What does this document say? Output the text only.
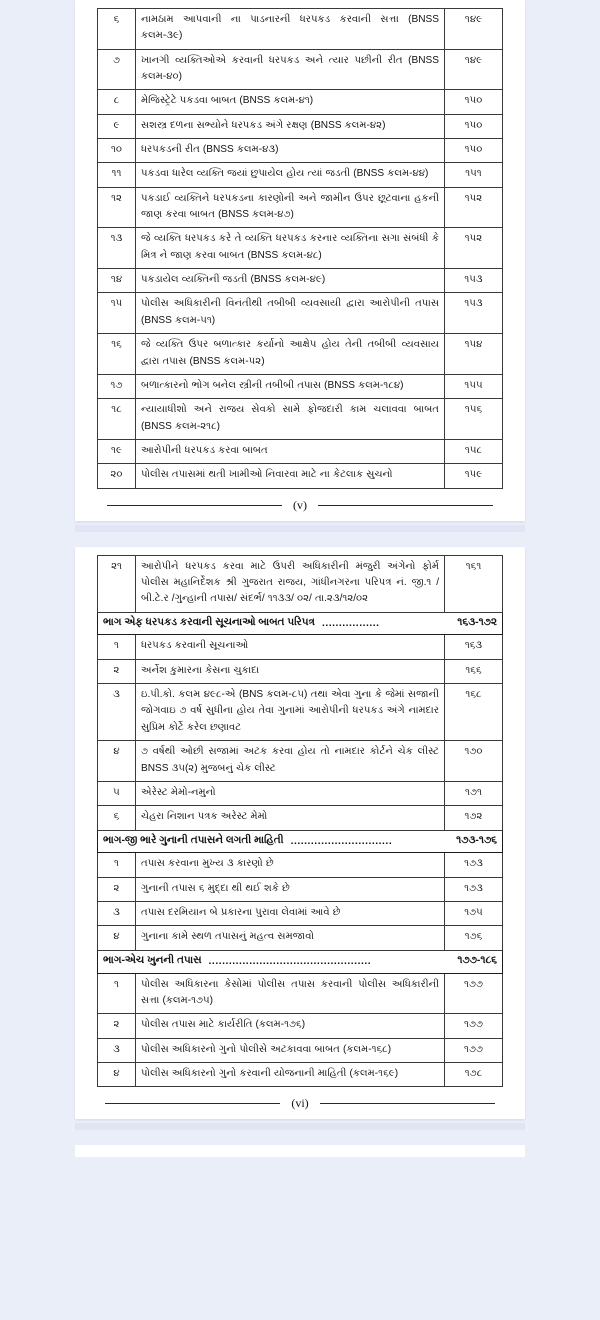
૬	નામઠામ આપવાની ના પાડનારની ધરપકડ કરવાની સત્તા (BNSS કલમ-૩૯)	૧૪૯
૭	ખાનગી વ્યક્તિઓએ કરવાની ધરપકડ અને ત્યાર પછીની રીત (BNSS કલમ-૪૦)	૧૪૯
૮	મેજિસ્ટ્રેટે પકડવા બાબત (BNSS કલમ-૪૧)	૧૫૦
૯	સશસ્ત્ર દળના સભ્યોને ધરપકડ અંગે રક્ષણ (BNSS કલમ-૪૨)	૧૫૦
૧૦	ધરપકડની રીત (BNSS કલમ-૪૩)	૧૫૦
૧૧	પકડવા ધારેલ વ્યક્તિ જયાં છુપાયેલ હોય ત્યાં જડતી (BNSS કલમ-૪૪)	૧૫૧
૧૨	પકડાઈ વ્યક્તિને ધરપકડના કારણોની અને જામીન ઉપર છૂટવાના હકની જાણ કરવા બાબત (BNSS કલમ-૪૭)	૧૫૨
૧૩	જે વ્યક્તિ ધરપકડ કરે તે વ્યક્તિ ધરપકડ કરનાર વ્યક્તિના સગા સંબંધી કે મિત્ર ને જાણ કરવા બાબત (BNSS કલમ-૪૮)	૧૫૨
૧૪	પકડાયેલ વ્યક્તિની જડતી (BNSS કલમ-૪૯)	૧૫૩
૧૫	પોલીસ અધિકારીની વિનંતીથી તબીબી વ્યવસાયી દ્વારા આરોપીની તપાસ (BNSS કલમ-૫૧)	૧૫૩
૧૬	જે વ્યક્તિ ઉપર બળાત્કાર કર્યાનો આક્ષેપ હોય તેની તબીબી વ્યવસાય દ્વારા તપાસ (BNSS કલમ-૫૨)	૧૫૪
૧૭	બળાત્કારનો ભોગ બનેલ સ્ત્રીની તબીબી તપાસ (BNSS કલમ-૧૮૪)	૧૫૫
૧૮	ન્યાયાધીશો અને રાજય સેવકો સામે ફોજદારી કામ ચલાવવા બાબત (BNSS કલમ-૨૧૮)	૧૫૬
૧૯	આરોપીની ધરપકડ કરવા બાબત	૧૫૮
૨૦	પોલીસ તપાસમાં થતી ખામીઓ નિવારવા માટે ના કેટલાક સુચનો	૧૫૯
(v)
૨૧	આરોપીને ધરપકડ કરવા માટે ઉપરી અધિકારીની મંજુરી અંગેનો ફોર્મ પોલીસ મહાનિર્દેશક શ્રી ગુજરાત રાજય, ગાંધીનગરના પરિપત્ર નં. જી.૧ / બી.ટે.ર /ગુન્હાની તપાસ/ સંદર્ભ/ ૧૧૩૩/ ૦૨/ તા.૨૩/૧૨/૦૨	૧૬૧

ભાગ એફ ધરપકડ કરવાની સૂચનાઓ બાબત પરિપત્ર ................. ૧૬૩-૧૭૨		

૧	ધરપકડ કરવાની સૂચનાઓ	૧૬૩
૨	અર્નેશ કુમારના કેસના ચુકાદા	૧૬૬
૩	ઇ.પી.કો. કલમ ૪૯૮-એ (BNS કલમ-૮૫) તથા એવા ગુના કે જેમાં સજાની જોગવાઇ ૭ વર્ષ સુધીના હોય તેવા ગુનામાં આરોપીની ધરપકડ અંગે નામદાર સુપ્રિમ કોર્ટે કરેલ છણાવટ	૧૬૮
૪	૭ વર્ષથી ઓછી સજામાં અટક કરવા હોય તો નામદાર કોર્ટને ચેક લીસ્ટ BNSS ૩૫(૨) મુજબનું ચેક લીસ્ટ	૧૭૦
૫	એરેસ્ટ મેમો-નમુનો	૧૭૧
૬	ચેહરા નિશાન પત્રક અરેસ્ટ મેમો	૧૭૨

ભાગ-જી ભારે ગુનાની તપાસને લગતી માહિતી .............................. ૧૭૩-૧૭૬		

૧	તપાસ કરવાના મુખ્ય ૩ કારણો છે	૧૭૩
૨	ગુનાની તપાસ ૬ મુદ્દા થી થઈ શકે છે	૧૭૩
૩	તપાસ દરમિયાન બે પ્રકારના પુરાવા લેવામાં આવે છે	૧૭૫
૪	ગુનાના કામે સ્થળ તપાસનું મહત્વ સમજાવો	૧૭૬

ભાગ-એચ ખુનની તપાસ ................................................ ૧૭૭-૧૮૬		

૧	પોલીસ અધિકારના કેસોમાં પોલીસ તપાસ કરવાની પોલીસ અધિકારીની સત્તા (કલમ-૧૭૫)	૧૭૭
૨	પોલીસ તપાસ માટે કાર્યરીતિ (કલમ-૧૭૬)	૧૭૭
૩	પોલીસ અધિકારનો ગુનો પોલીસે અટકાવવા બાબત (કલમ-૧૬૮)	૧૭૭
૪	પોલીસ અધિકારનો ગુનો કરવાની યોજનાની માહિતી (કલમ-૧૬૯)	૧૭૮
(vi)
